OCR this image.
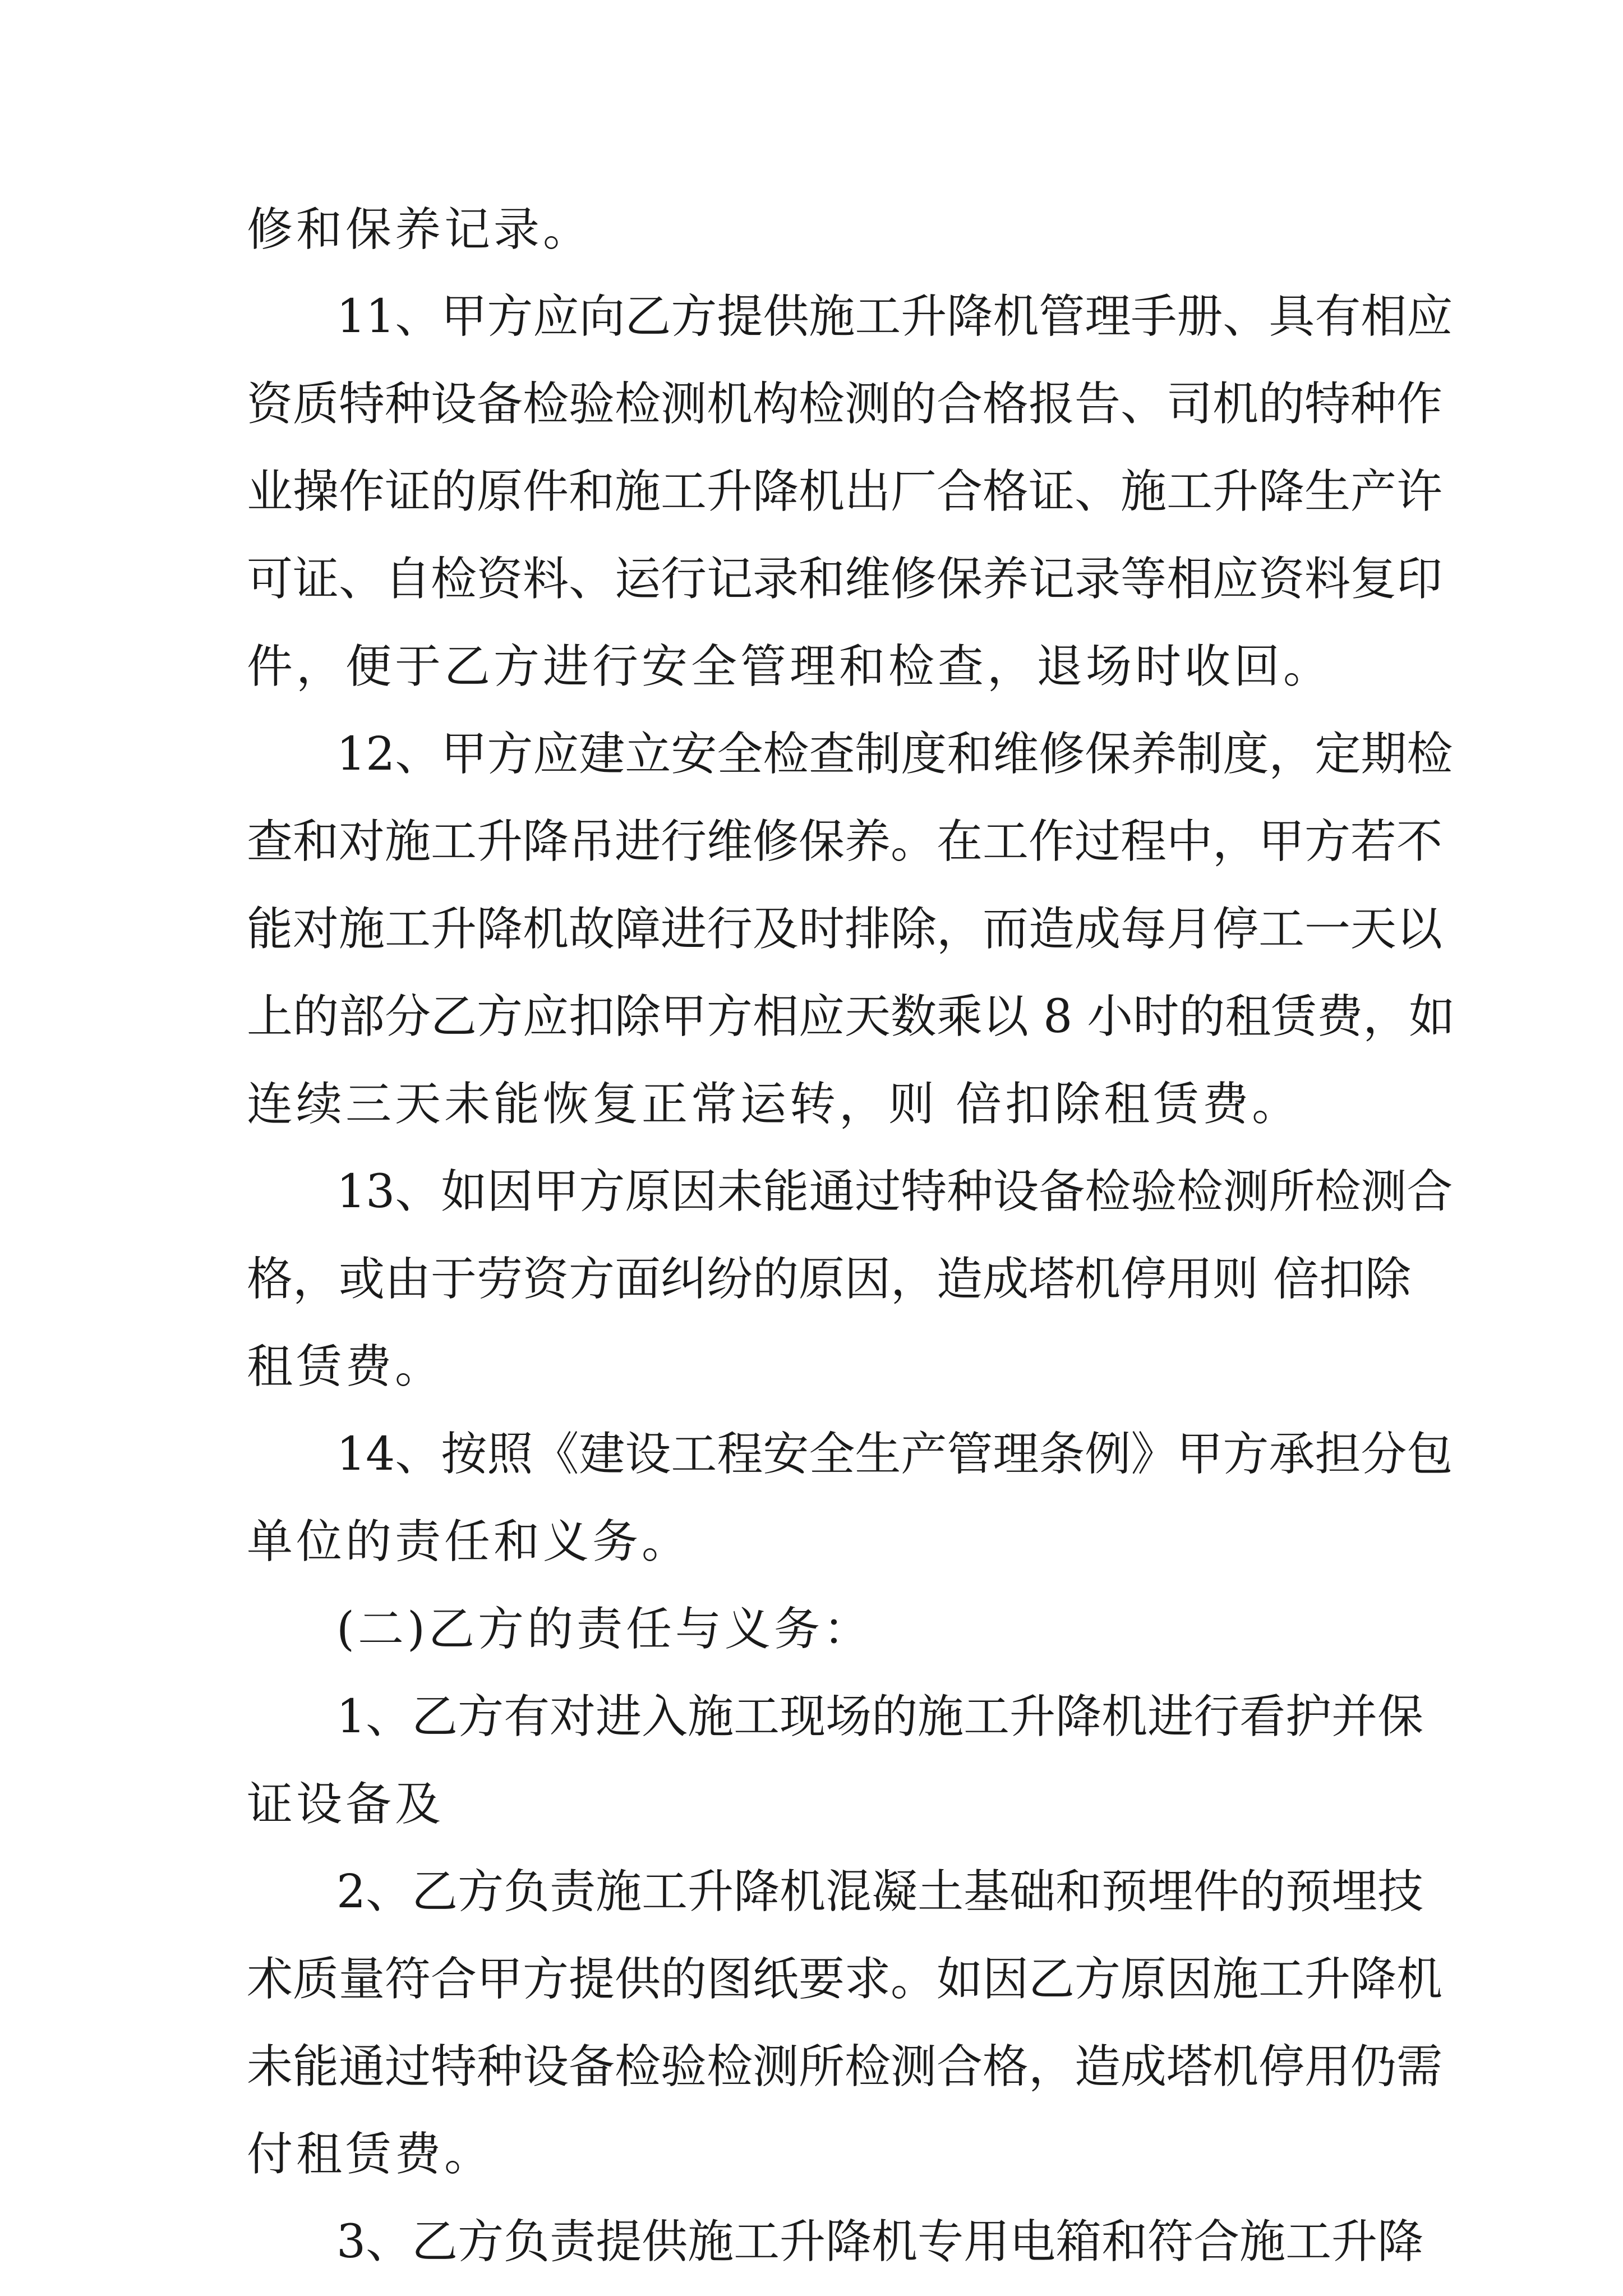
修和保养记录。
11、甲方应向乙方提供施工升降机管理手册、具有相应
资质特种设备检验检测机构检测的合格报告、司机的特种作
业操作证的原件和施工升降机出厂合格证、施工升降生产许
可证、自检资料、运行记录和维修保养记录等相应资料复印
件，便于乙方进行安全管理和检查，退场时收回。
12、甲方应建立安全检查制度和维修保养制度，定期检
查和对施工升降吊进行维修保养。在工作过程中，甲方若不
能对施工升降机故障进行及时排除，而造成每月停工一天以
上的部分乙方应扣除甲方相应天数乘以 8 小时的租赁费，如
连续三天未能恢复正常运转，则 倍扣除租赁费。
13、如因甲方原因未能通过特种设备检验检测所检测合
格，或由于劳资方面纠纷的原因，造成塔机停用则 倍扣除
租赁费。
14、按照《建设工程安全生产管理条例》甲方承担分包
单位的责任和义务。
(二)乙方的责任与义务：
1、乙方有对进入施工现场的施工升降机进行看护并保
证设备及
2、乙方负责施工升降机混凝土基础和预埋件的预埋技
术质量符合甲方提供的图纸要求。如因乙方原因施工升降机
未能通过特种设备检验检测所检测合格，造成塔机停用仍需
付租赁费。
3、乙方负责提供施工升降机专用电箱和符合施工升降
